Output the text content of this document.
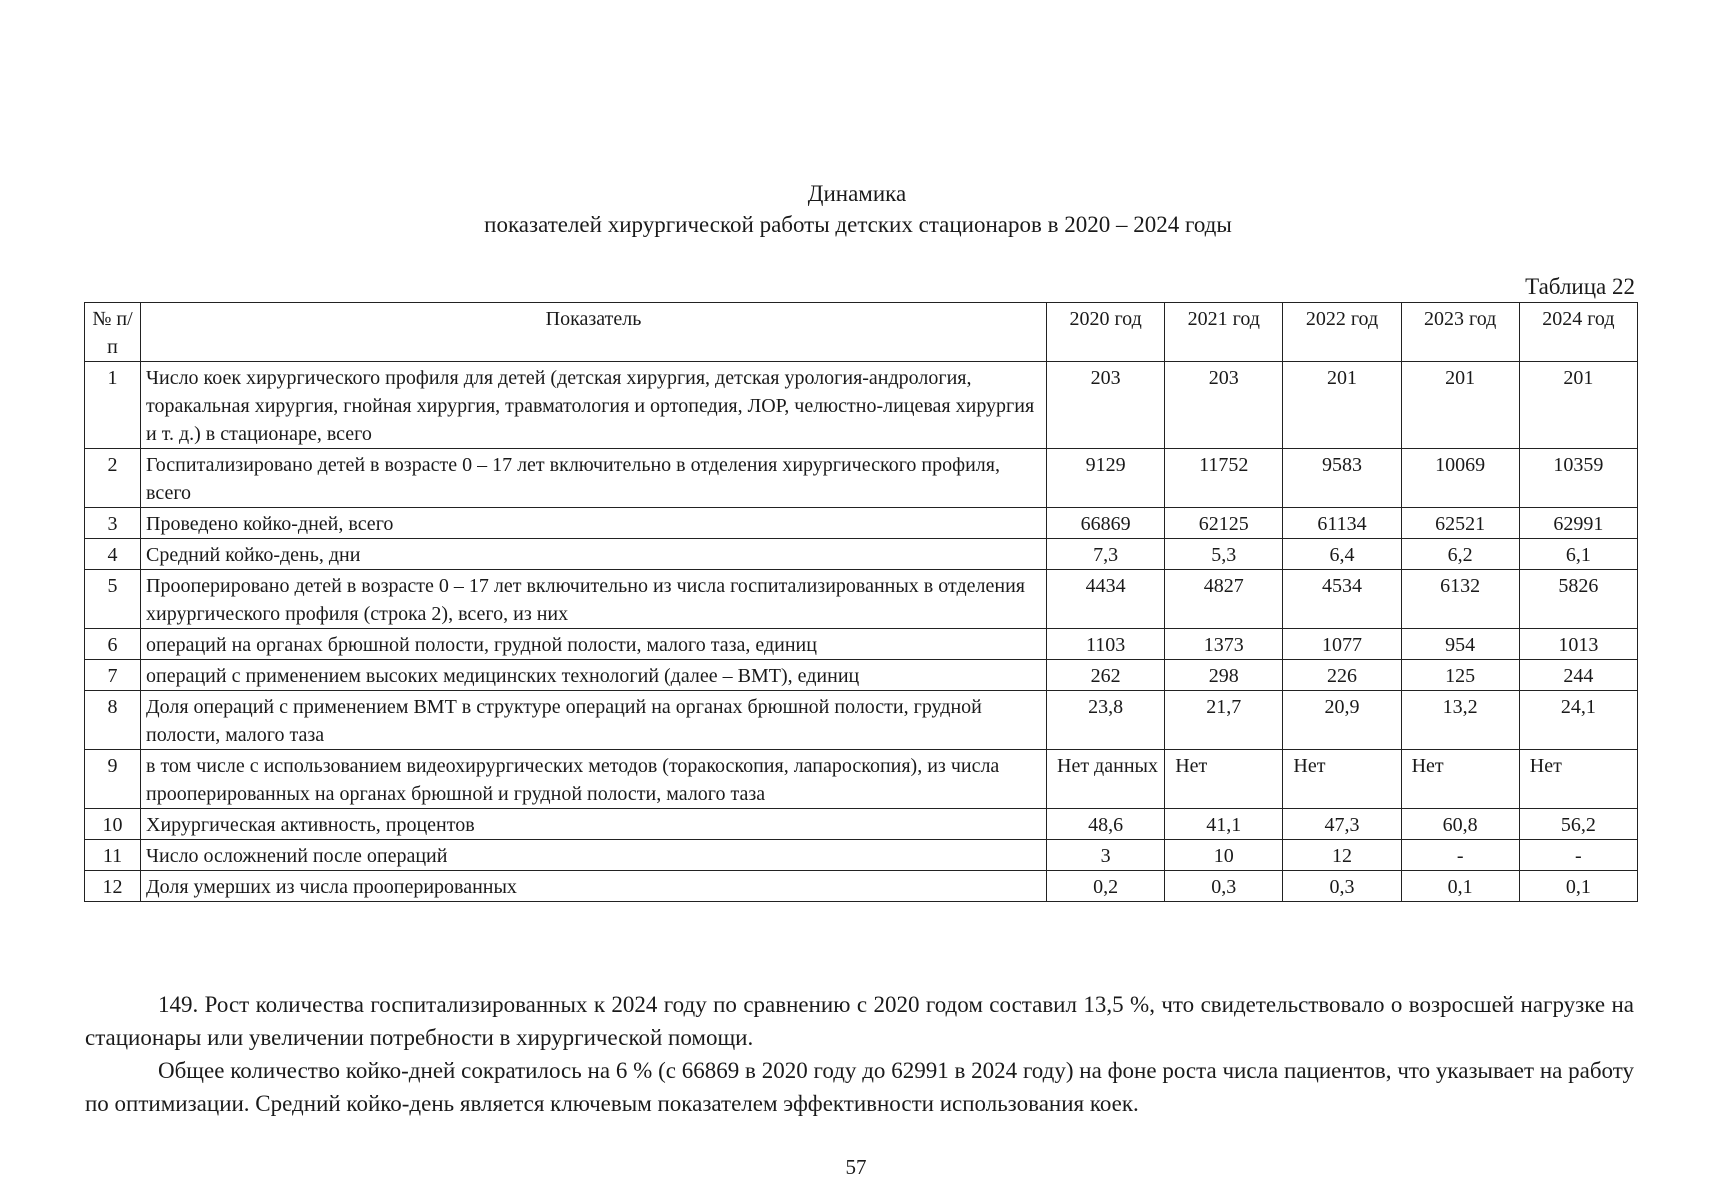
Динамика
показателей хирургической работы детских стационаров в 2020 – 2024 годы
Таблица 22
№ п/п	Показатель	2020 год	2021 год	2022 год	2023 год	2024 год
1	Число коек хирургического профиля для детей (детская хирургия, детская урология-андрология, торакальная хирургия, гнойная хирургия, травматология и ортопедия, ЛОР, челюстно-лицевая хирургия и т. д.) в стационаре, всего	203	203	201	201	201
2	Госпитализировано детей в возрасте 0 – 17 лет включительно в отделения хирургического профиля, всего	9129	11752	9583	10069	10359
3	Проведено койко-дней, всего	66869	62125	61134	62521	62991
4	Средний койко-день, дни	7,3	5,3	6,4	6,2	6,1
5	Прооперировано детей в возрасте 0 – 17 лет включительно из числа госпитализированных в отделения хирургического профиля (строка 2), всего, из них	4434	4827	4534	6132	5826
6	операций на органах брюшной полости, грудной полости, малого таза, единиц	1103	1373	1077	954	1013
7	операций с применением высоких медицинских технологий (далее – ВМТ), единиц	262	298	226	125	244
8	Доля операций с применением ВМТ в структуре операций на органах брюшной полости, грудной полости, малого таза	23,8	21,7	20,9	13,2	24,1
9	в том числе с использованием видеохирургических методов (торакоскопия, лапароскопия), из числа прооперированных на органах брюшной и грудной полости, малого таза	Нет данных	Нет	Нет	Нет	Нет
10	Хирургическая активность, процентов	48,6	41,1	47,3	60,8	56,2
11	Число осложнений после операций	3	10	12	-	-
12	Доля умерших из числа прооперированных	0,2	0,3	0,3	0,1	0,1

149. Рост количества госпитализированных к 2024 году по сравнению с 2020 годом составил 13,5 %, что свидетельствовало о возросшей нагрузке на стационары или увеличении потребности в хирургической помощи.

Общее количество койко-дней сократилось на 6 % (с 66869 в 2020 году до 62991 в 2024 году) на фоне роста числа пациентов, что указывает на работу по оптимизации. Средний койко-день является ключевым показателем эффективности использования коек.

57
